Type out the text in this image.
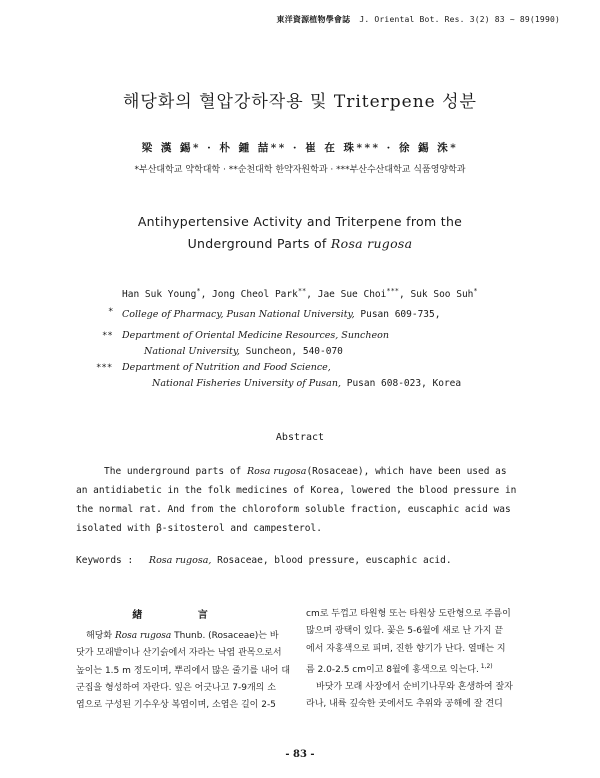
東洋資源植物學會誌 J. Oriental Bot. Res. 3(2) 83 ~ 89(1990)
해당화의 혈압강하작용 및 Triterpene 성분
梁 漢 錫* · 朴 鍾 喆** · 崔 在 珠*** · 徐 錫 洙*
*부산대학교 약학대학 · **순천대학 한약자원학과 · ***부산수산대학교 식품영양학과
Antihypertensive Activity and Triterpene from the
Underground Parts of Rosa rugosa
Han Suk Young*, Jong Cheol Park**, Jae Sue Choi***, Suk Soo Suh*
* College of Pharmacy, Pusan National University, Pusan 609-735,
** Department of Oriental Medicine Resources, Suncheon
National University, Suncheon, 540-070
*** Department of Nutrition and Food Science,
National Fisheries University of Pusan, Pusan 608-023, Korea
Abstract
The underground parts of Rosa rugosa(Rosaceae), which have been used as
an antidiabetic in the folk medicines of Korea, lowered the blood pressure in
the normal rat. And from the chloroform soluble fraction, euscaphic acid was
isolated with β-sitosterol and campesterol.
Keywords : Rosa rugosa, Rosaceae, blood pressure, euscaphic acid.
緖 言
해당화 Rosa rugosa Thunb. (Rosaceae)는 바
닷가 모래밭이나 산기슭에서 자라는 낙엽 관목으로서
높이는 1.5 m 정도이며, 뿌리에서 많은 줄기를 내어 대
군집을 형성하여 자란다. 잎은 어긋나고 7-9개의 소
엽으로 구성된 기수우상 복엽이며, 소엽은 길이 2-5
cm로 두껍고 타원형 또는 타원상 도란형으로 주름이
많으며 광택이 있다. 꽃은 5-6월에 새로 난 가지 끝
에서 자홍색으로 피며, 진한 향기가 난다. 열매는 지
름 2.0-2.5 cm이고 8월에 홍색으로 익는다. $^{1,2)}$
바닷가 모래 사장에서 순비기나무와 혼생하여 잘자
라나, 내륙 깊숙한 곳에서도 추위와 공해에 잘 견디
- 83 -
